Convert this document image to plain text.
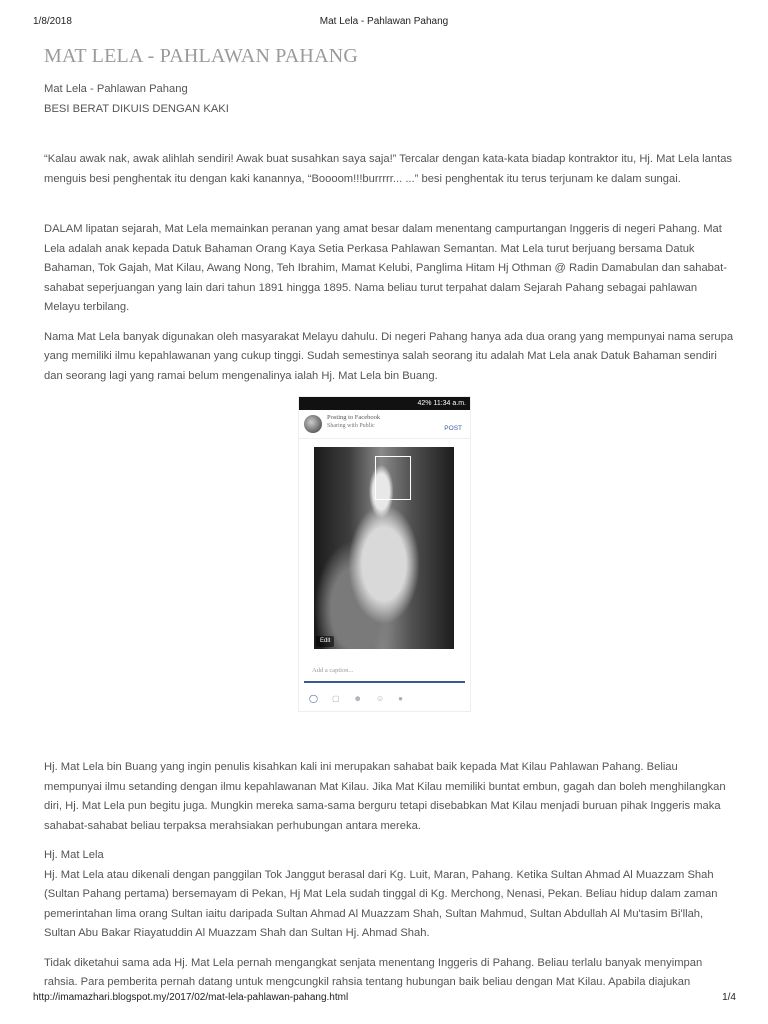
1/8/2018	Mat Lela - Pahlawan Pahang
MAT LELA - PAHLAWAN PAHANG

Mat Lela - Pahlawan Pahang

BESI BERAT DIKUIS DENGAN KAKI

“Kalau awak nak, awak alihlah sendiri! Awak buat susahkan saya saja!” Tercalar dengan kata-kata biadap kontraktor itu, Hj. Mat Lela lantas menguis besi penghentak itu dengan kaki kanannya, “Boooom!!!burrrrr... ...” besi penghentak itu terus terjunam ke dalam sungai.

DALAM lipatan sejarah, Mat Lela memainkan peranan yang amat besar dalam menentang campurtangan Inggeris di negeri Pahang. Mat Lela adalah anak kepada Datuk Bahaman Orang Kaya Setia Perkasa Pahlawan Semantan. Mat Lela turut berjuang bersama Datuk Bahaman, Tok Gajah, Mat Kilau, Awang Nong, Teh Ibrahim, Mamat Kelubi, Panglima Hitam Hj Othman @ Radin Damabulan dan sahabat-sahabat seperjuangan yang lain dari tahun 1891 hingga 1895. Nama beliau turut terpahat dalam Sejarah Pahang sebagai pahlawan Melayu terbilang.

Nama Mat Lela banyak digunakan oleh masyarakat Melayu dahulu. Di negeri Pahang hanya ada dua orang yang mempunyai nama serupa yang memiliki ilmu kepahlawanan yang cukup tinggi. Sudah semestinya salah seorang itu adalah Mat Lela anak Datuk Bahaman sendiri dan seorang lagi yang ramai belum mengenalinya ialah Hj. Mat Lela bin Buang.

42% 11:34 a.m.
Posting to Facebook
Sharing with Public	POST
Edit
Add a caption...
◯ ▢ ☻ ☺ ●

Hj. Mat Lela bin Buang yang ingin penulis kisahkan kali ini merupakan sahabat baik kepada Mat Kilau Pahlawan Pahang. Beliau mempunyai ilmu setanding dengan ilmu kepahlawanan Mat Kilau. Jika Mat Kilau memiliki buntat embun, gagah dan boleh menghilangkan diri, Hj. Mat Lela pun begitu juga. Mungkin mereka sama-sama berguru tetapi disebabkan Mat Kilau menjadi buruan pihak Inggeris maka sahabat-sahabat beliau terpaksa merahsiakan perhubungan antara mereka.

Hj. Mat Lela

Hj. Mat Lela atau dikenali dengan panggilan Tok Janggut berasal dari Kg. Luit, Maran, Pahang. Ketika Sultan Ahmad Al Muazzam Shah (Sultan Pahang pertama) bersemayam di Pekan, Hj Mat Lela sudah tinggal di Kg. Merchong, Nenasi, Pekan. Beliau hidup dalam zaman pemerintahan lima orang Sultan iaitu daripada Sultan Ahmad Al Muazzam Shah, Sultan Mahmud, Sultan Abdullah Al Mu'tasim Bi'llah, Sultan Abu Bakar Riayatuddin Al Muazzam Shah dan Sultan Hj. Ahmad Shah.

Tidak diketahui sama ada Hj. Mat Lela pernah mengangkat senjata menentang Inggeris di Pahang. Beliau terlalu banyak menyimpan rahsia. Para pemberita pernah datang untuk mengcungkil rahsia tentang hubungan baik beliau dengan Mat Kilau. Apabila diajukan

http://imamazhari.blogspot.my/2017/02/mat-lela-pahlawan-pahang.html	1/4
